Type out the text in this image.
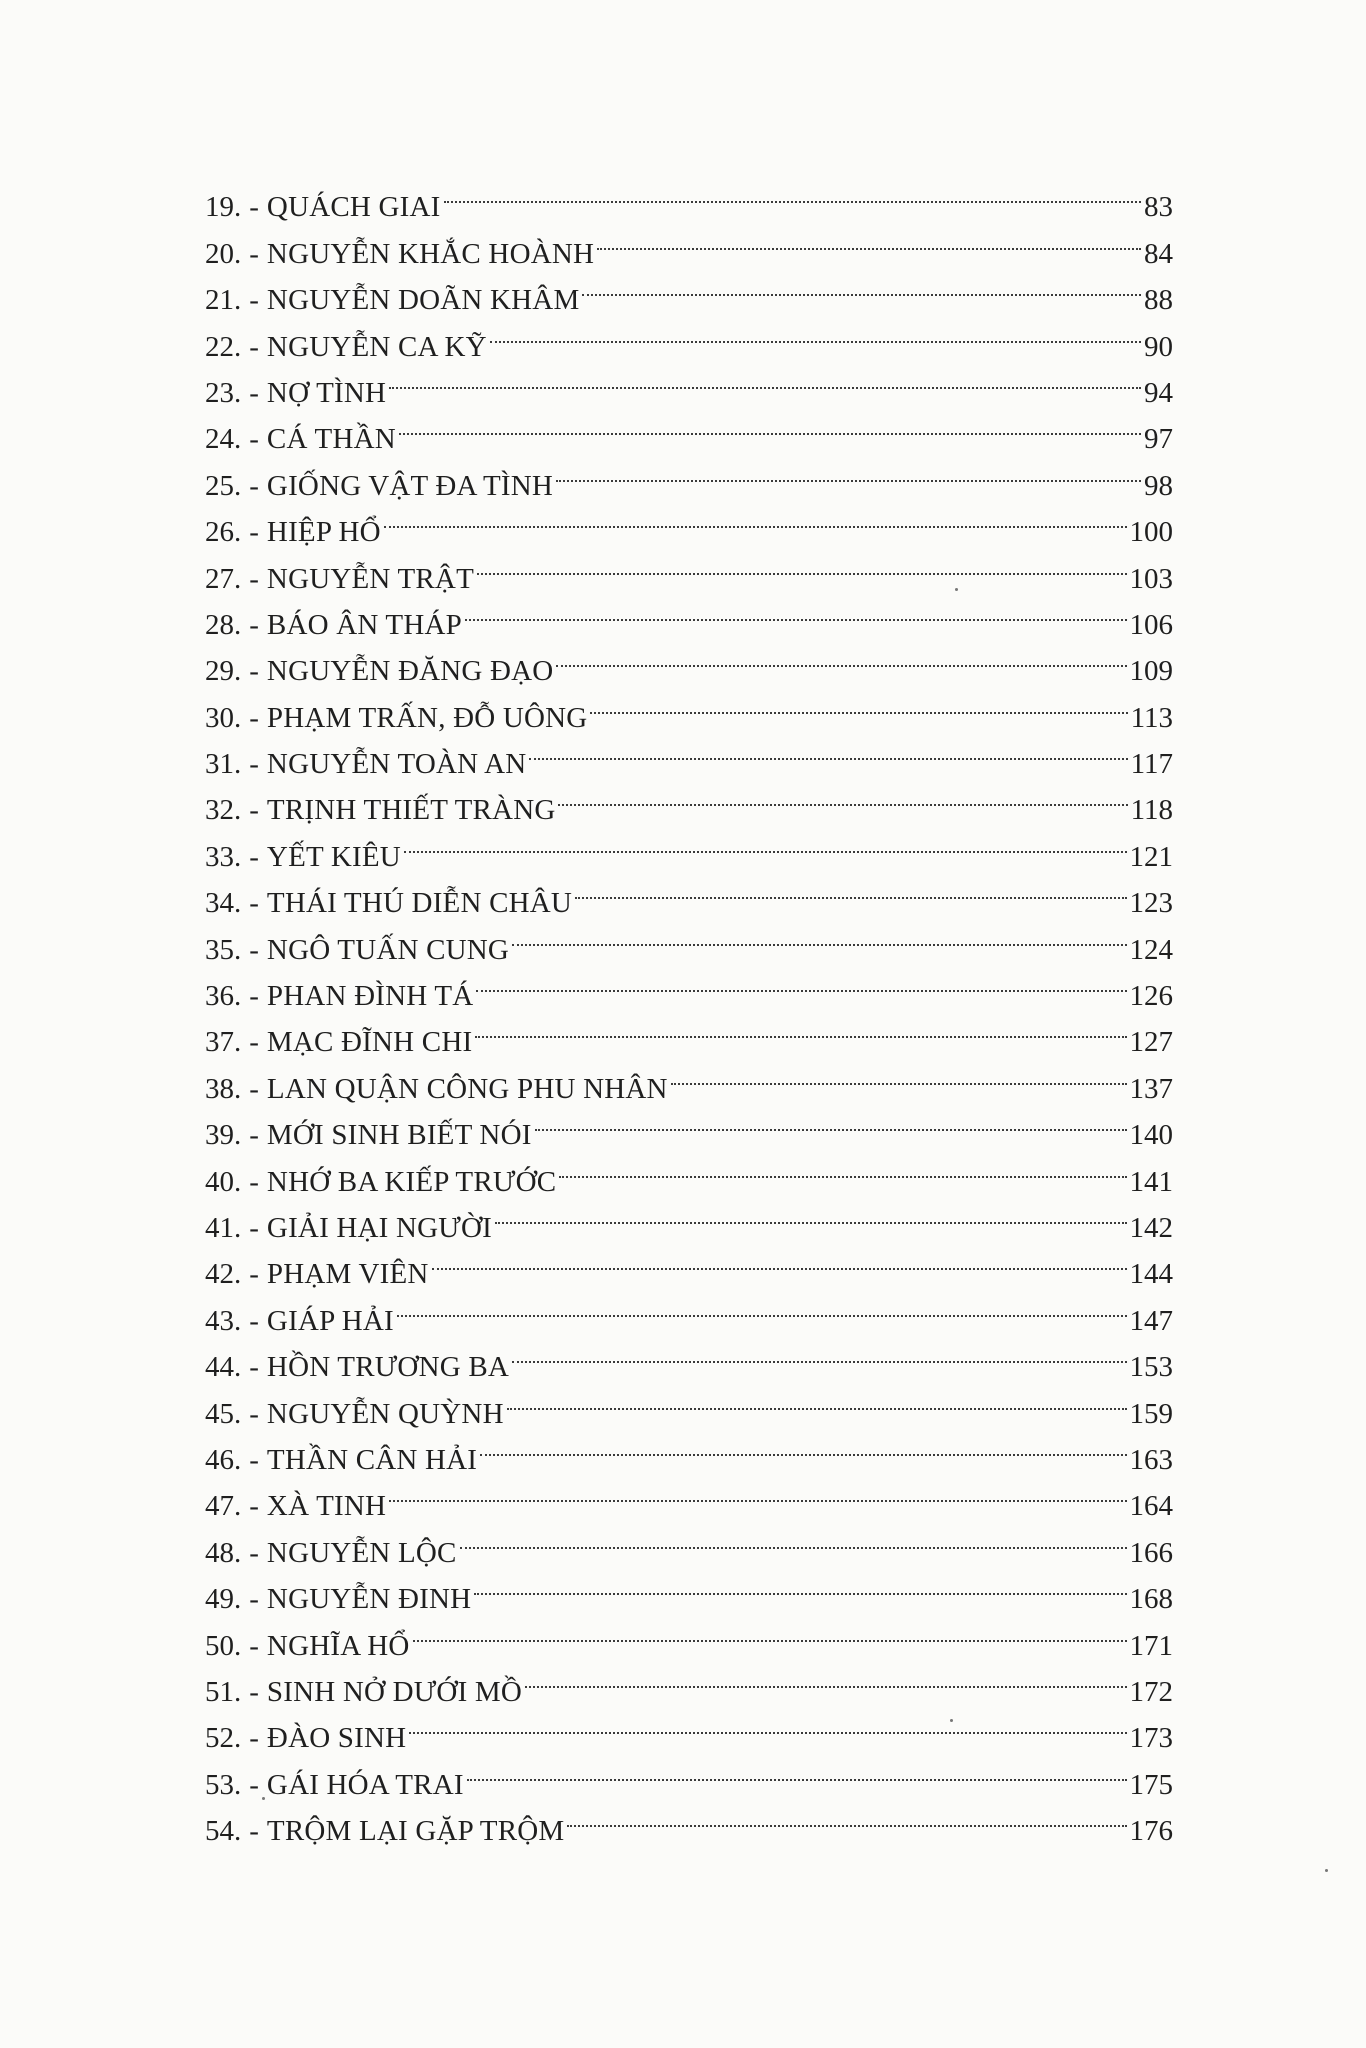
19. - QUÁCH GIAI	83
20. - NGUYỄN KHẮC HOÀNH	84
21. - NGUYỄN DOÃN KHÂM	88
22. - NGUYỄN CA KỸ	90
23. - NỢ TÌNH	94
24. - CÁ THẦN	97
25. - GIỐNG VẬT ĐA TÌNH	98
26. - HIỆP HỔ	100
27. - NGUYỄN TRẬT	103
28. - BÁO ÂN THÁP	106
29. - NGUYỄN ĐĂNG ĐẠO	109
30. - PHẠM TRẤN, ĐỖ UÔNG	113
31. - NGUYỄN TOÀN AN	117
32. - TRỊNH THIẾT TRÀNG	118
33. - YẾT KIÊU	121
34. - THÁI THÚ DIỄN CHÂU	123
35. - NGÔ TUẤN CUNG	124
36. - PHAN ĐÌNH TÁ	126
37. - MẠC ĐĨNH CHI	127
38. - LAN QUẬN CÔNG PHU NHÂN	137
39. - MỚI SINH BIẾT NÓI	140
40. - NHỚ BA KIẾP TRƯỚC	141
41. - GIẢI HẠI NGƯỜI	142
42. - PHẠM VIÊN	144
43. - GIÁP HẢI	147
44. - HỒN TRƯƠNG BA	153
45. - NGUYỄN QUỲNH	159
46. - THẦN CÂN HẢI	163
47. - XÀ TINH	164
48. - NGUYỄN LỘC	166
49. - NGUYỄN ĐINH	168
50. - NGHĨA HỔ	171
51. - SINH NỞ DƯỚI MỒ	172
52. - ĐÀO SINH	173
53. - GÁI HÓA TRAI	175
54. - TRỘM LẠI GẶP TRỘM	176
